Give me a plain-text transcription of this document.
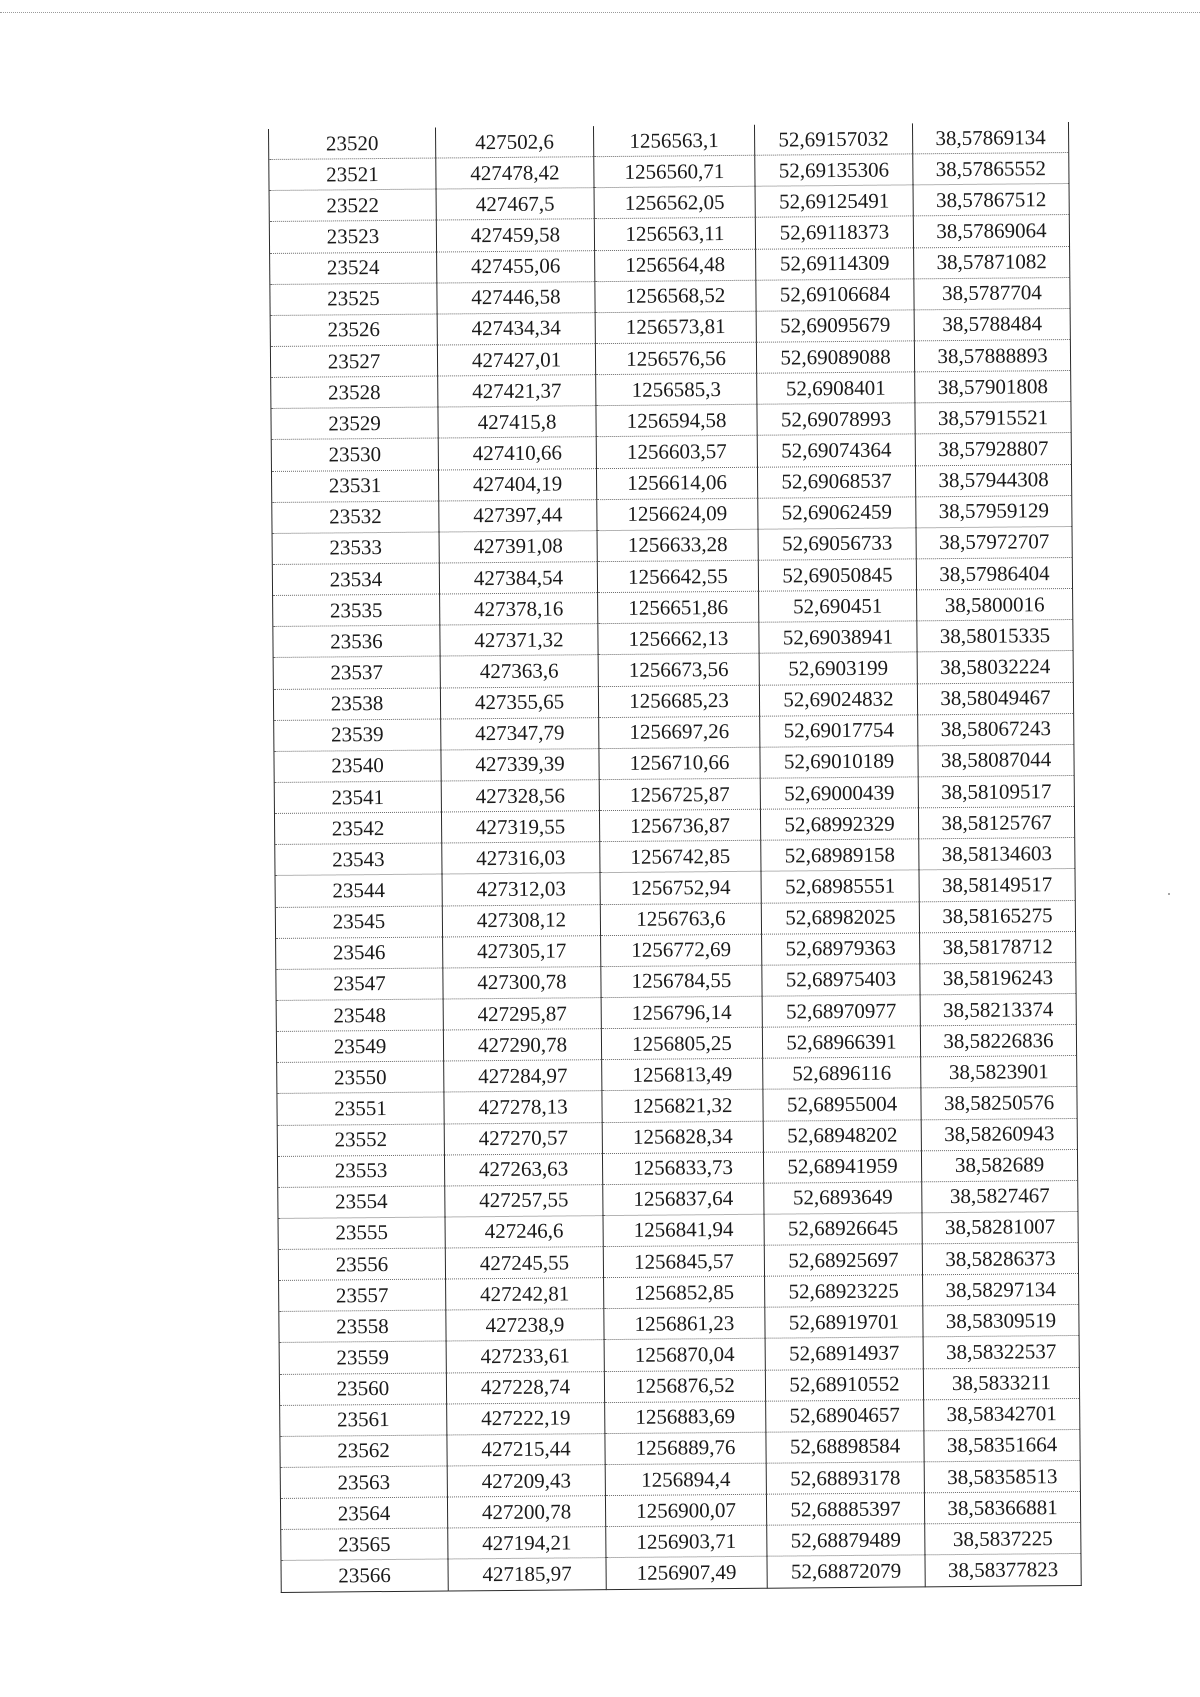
23520	427502,6	1256563,1	52,69157032	38,57869134
23521	427478,42	1256560,71	52,69135306	38,57865552
23522	427467,5	1256562,05	52,69125491	38,57867512
23523	427459,58	1256563,11	52,69118373	38,57869064
23524	427455,06	1256564,48	52,69114309	38,57871082
23525	427446,58	1256568,52	52,69106684	38,5787704
23526	427434,34	1256573,81	52,69095679	38,5788484
23527	427427,01	1256576,56	52,69089088	38,57888893
23528	427421,37	1256585,3	52,6908401	38,57901808
23529	427415,8	1256594,58	52,69078993	38,57915521
23530	427410,66	1256603,57	52,69074364	38,57928807
23531	427404,19	1256614,06	52,69068537	38,57944308
23532	427397,44	1256624,09	52,69062459	38,57959129
23533	427391,08	1256633,28	52,69056733	38,57972707
23534	427384,54	1256642,55	52,69050845	38,57986404
23535	427378,16	1256651,86	52,690451	38,5800016
23536	427371,32	1256662,13	52,69038941	38,58015335
23537	427363,6	1256673,56	52,6903199	38,58032224
23538	427355,65	1256685,23	52,69024832	38,58049467
23539	427347,79	1256697,26	52,69017754	38,58067243
23540	427339,39	1256710,66	52,69010189	38,58087044
23541	427328,56	1256725,87	52,69000439	38,58109517
23542	427319,55	1256736,87	52,68992329	38,58125767
23543	427316,03	1256742,85	52,68989158	38,58134603
23544	427312,03	1256752,94	52,68985551	38,58149517
23545	427308,12	1256763,6	52,68982025	38,58165275
23546	427305,17	1256772,69	52,68979363	38,58178712
23547	427300,78	1256784,55	52,68975403	38,58196243
23548	427295,87	1256796,14	52,68970977	38,58213374
23549	427290,78	1256805,25	52,68966391	38,58226836
23550	427284,97	1256813,49	52,6896116	38,5823901
23551	427278,13	1256821,32	52,68955004	38,58250576
23552	427270,57	1256828,34	52,68948202	38,58260943
23553	427263,63	1256833,73	52,68941959	38,582689
23554	427257,55	1256837,64	52,6893649	38,5827467
23555	427246,6	1256841,94	52,68926645	38,58281007
23556	427245,55	1256845,57	52,68925697	38,58286373
23557	427242,81	1256852,85	52,68923225	38,58297134
23558	427238,9	1256861,23	52,68919701	38,58309519
23559	427233,61	1256870,04	52,68914937	38,58322537
23560	427228,74	1256876,52	52,68910552	38,5833211
23561	427222,19	1256883,69	52,68904657	38,58342701
23562	427215,44	1256889,76	52,68898584	38,58351664
23563	427209,43	1256894,4	52,68893178	38,58358513
23564	427200,78	1256900,07	52,68885397	38,58366881
23565	427194,21	1256903,71	52,68879489	38,5837225
23566	427185,97	1256907,49	52,68872079	38,58377823
